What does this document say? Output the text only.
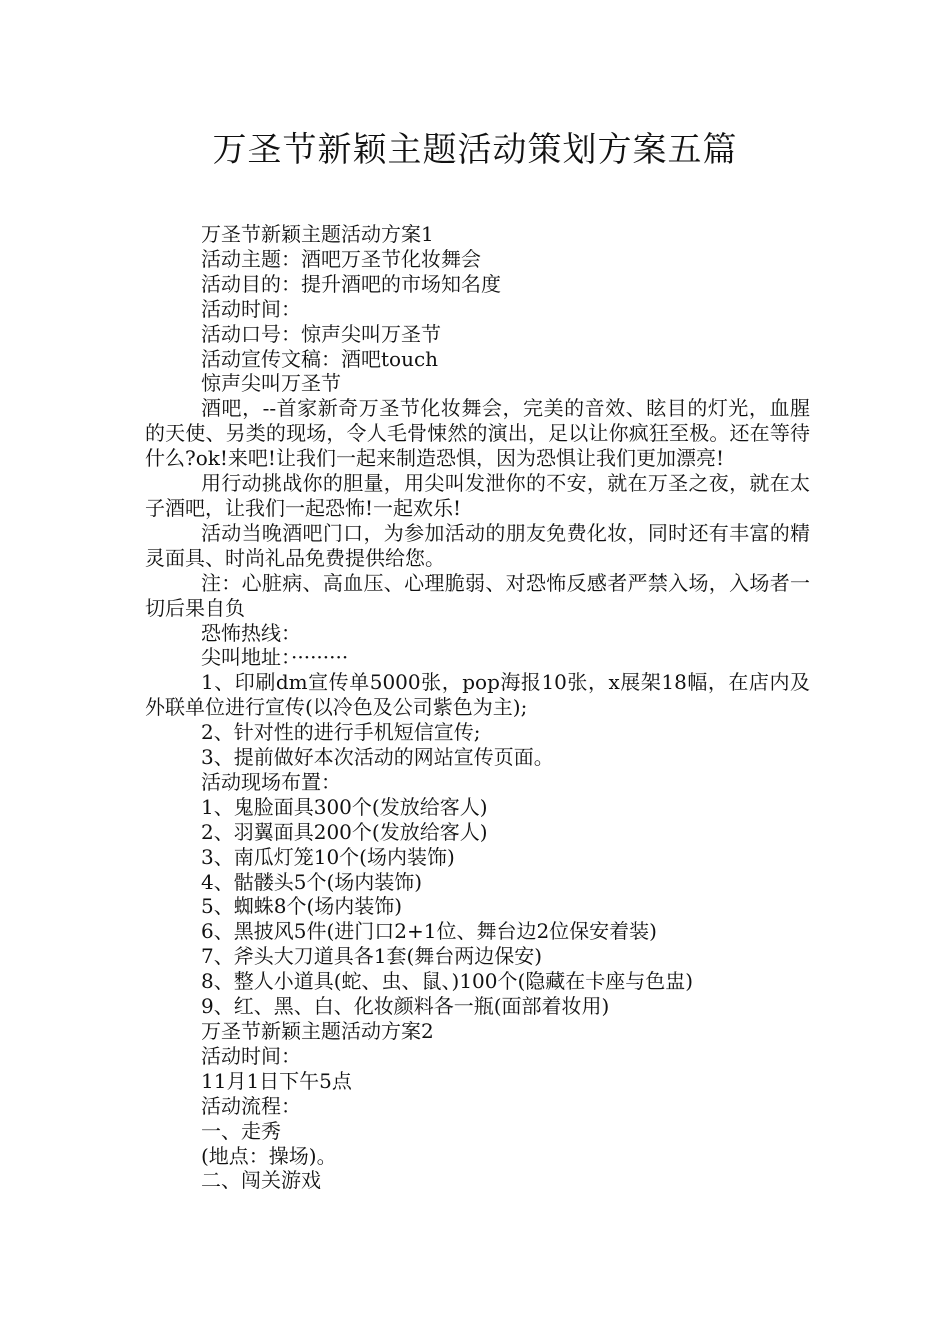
万圣节新颖主题活动策划方案五篇

万圣节新颖主题活动方案1

活动主题：酒吧万圣节化妆舞会

活动目的：提升酒吧的市场知名度

活动时间：

活动口号：惊声尖叫万圣节

活动宣传文稿：酒吧touch

惊声尖叫万圣节

酒吧，--首家新奇万圣节化妆舞会，完美的音效、眩目的灯光，血腥的天使、另类的现场，令人毛骨悚然的演出，足以让你疯狂至极。还在等待什么?ok!来吧!让我们一起来制造恐惧，因为恐惧让我们更加漂亮!

用行动挑战你的胆量，用尖叫发泄你的不安，就在万圣之夜，就在太子酒吧，让我们一起恐怖!一起欢乐!

活动当晚酒吧门口，为参加活动的朋友免费化妆，同时还有丰富的精灵面具、时尚礼品免费提供给您。

注：心脏病、高血压、心理脆弱、对恐怖反感者严禁入场，入场者一切后果自负

恐怖热线：

尖叫地址：·········

1、印刷dm宣传单5000张，pop海报10张，x展架18幅，在店内及外联单位进行宣传(以冷色及公司紫色为主);

2、针对性的进行手机短信宣传;

3、提前做好本次活动的网站宣传页面。

活动现场布置：

1、鬼脸面具300个(发放给客人)

2、羽翼面具200个(发放给客人)

3、南瓜灯笼10个(场内装饰)

4、骷髅头5个(场内装饰)

5、蜘蛛8个(场内装饰)

6、黑披风5件(进门口2+1位、舞台边2位保安着装)

7、斧头大刀道具各1套(舞台两边保安)

8、整人小道具(蛇、虫、鼠、)100个(隐藏在卡座与色盅)

9、红、黑、白、化妆颜料各一瓶(面部着妆用)

万圣节新颖主题活动方案2

活动时间：

11月1日下午5点

活动流程：

一、走秀

(地点：操场)。

二、闯关游戏
